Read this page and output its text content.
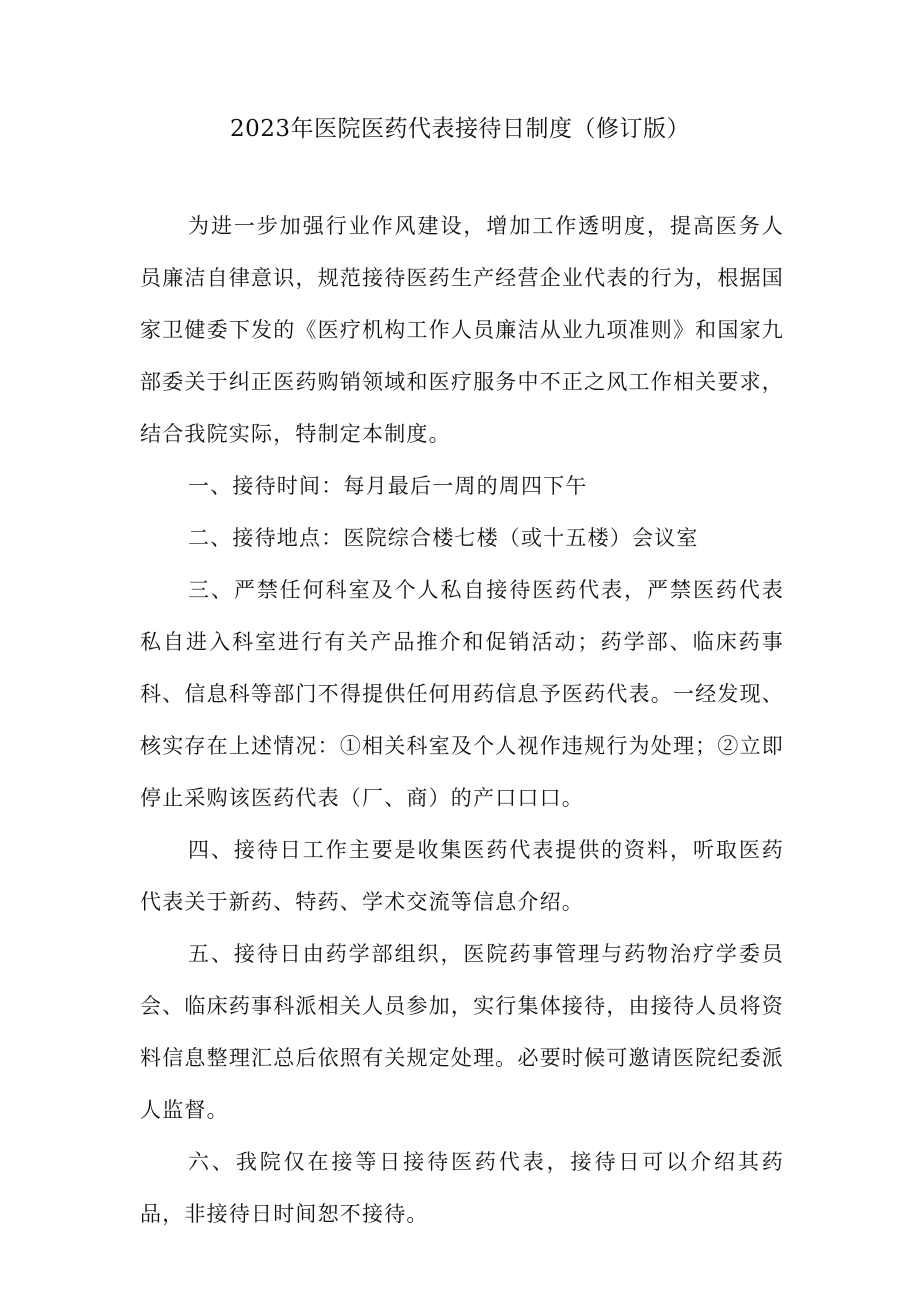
2023年医院医药代表接待日制度（修订版）

为进一步加强行业作风建设，增加工作透明度，提高医务人员廉洁自律意识，规范接待医药生产经营企业代表的行为，根据国家卫健委下发的《医疗机构工作人员廉洁从业九项准则》和国家九部委关于纠正医药购销领域和医疗服务中不正之风工作相关要求，结合我院实际，特制定本制度。

一、接待时间：每月最后一周的周四下午

二、接待地点：医院综合楼七楼（或十五楼）会议室

三、严禁任何科室及个人私自接待医药代表，严禁医药代表私自进入科室进行有关产品推介和促销活动；药学部、临床药事科、信息科等部门不得提供任何用药信息予医药代表。一经发现、核实存在上述情况：①相关科室及个人视作违规行为处理；②立即停止采购该医药代表（厂、商）的产口口口。

四、接待日工作主要是收集医药代表提供的资料，听取医药代表关于新药、特药、学术交流等信息介绍。

五、接待日由药学部组织，医院药事管理与药物治疗学委员会、临床药事科派相关人员参加，实行集体接待，由接待人员将资料信息整理汇总后依照有关规定处理。必要时候可邀请医院纪委派人监督。

六、我院仅在接等日接待医药代表，接待日可以介绍其药品，非接待日时间恕不接待。
